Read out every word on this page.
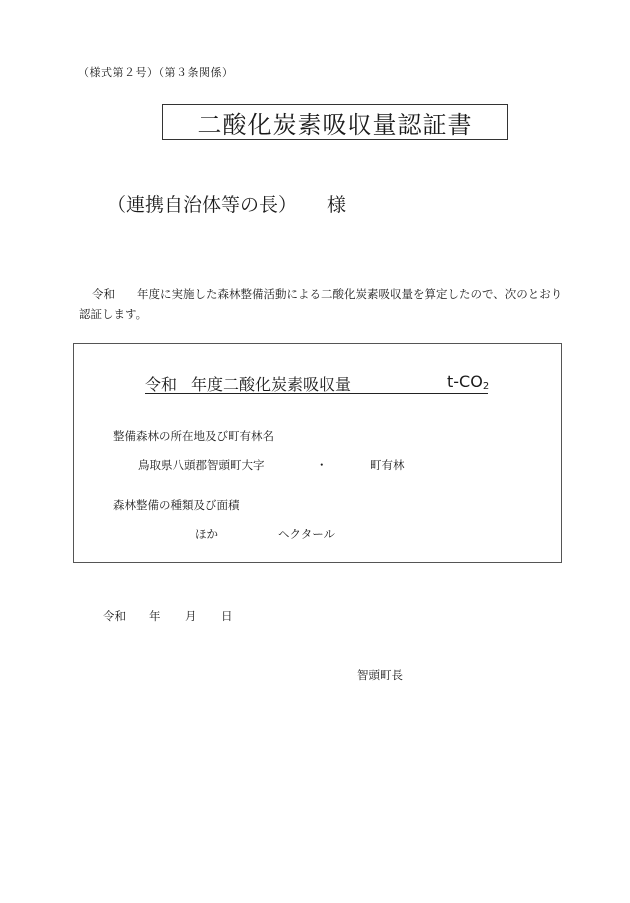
（様式第２号）（第３条関係）
二酸化炭素吸収量認証書
（連携自治体等の長） 様
令和 年度に実施した森林整備活動による二酸化炭素吸収量を算定したので、次のとおり
認証します。
令和 年度二酸化炭素吸収量	$t-CO_2$
整備森林の所在地及び町有林名
鳥取県八頭郡智頭町大字	・	町有林
森林整備の種類及び面積
ほか	ヘクタール
令和 年 月 日
智頭町長
